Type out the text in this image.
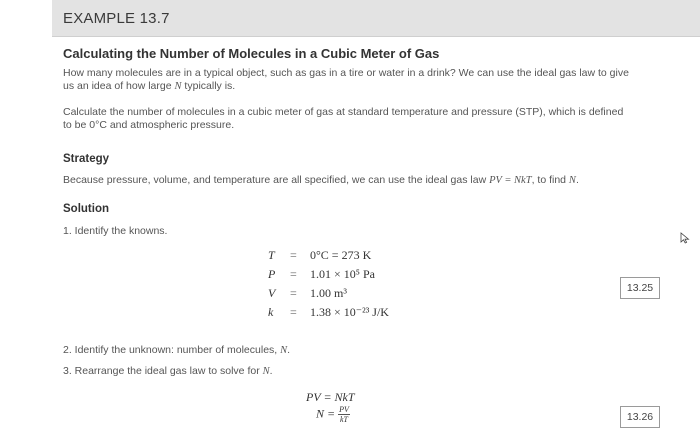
EXAMPLE 13.7
Calculating the Number of Molecules in a Cubic Meter of Gas
How many molecules are in a typical object, such as gas in a tire or water in a drink? We can use the ideal gas law to give
us an idea of how large N typically is.
Calculate the number of molecules in a cubic meter of gas at standard temperature and pressure (STP), which is defined
to be 0°C and atmospheric pressure.
Strategy
Because pressure, volume, and temperature are all specified, we can use the ideal gas law PV = NkT, to find N.
Solution
1. Identify the knowns.
T = 0°C = 273 K
P = 1.01 × 10⁵ Pa
V = 1.00 m³
k	= 1.38 × 10⁻²³ J/K
13.25
2. Identify the unknown: number of molecules, N.
3. Rearrange the ideal gas law to solve for N.
PV = NkT
$N = \frac{PV}{kT}$	13.26
